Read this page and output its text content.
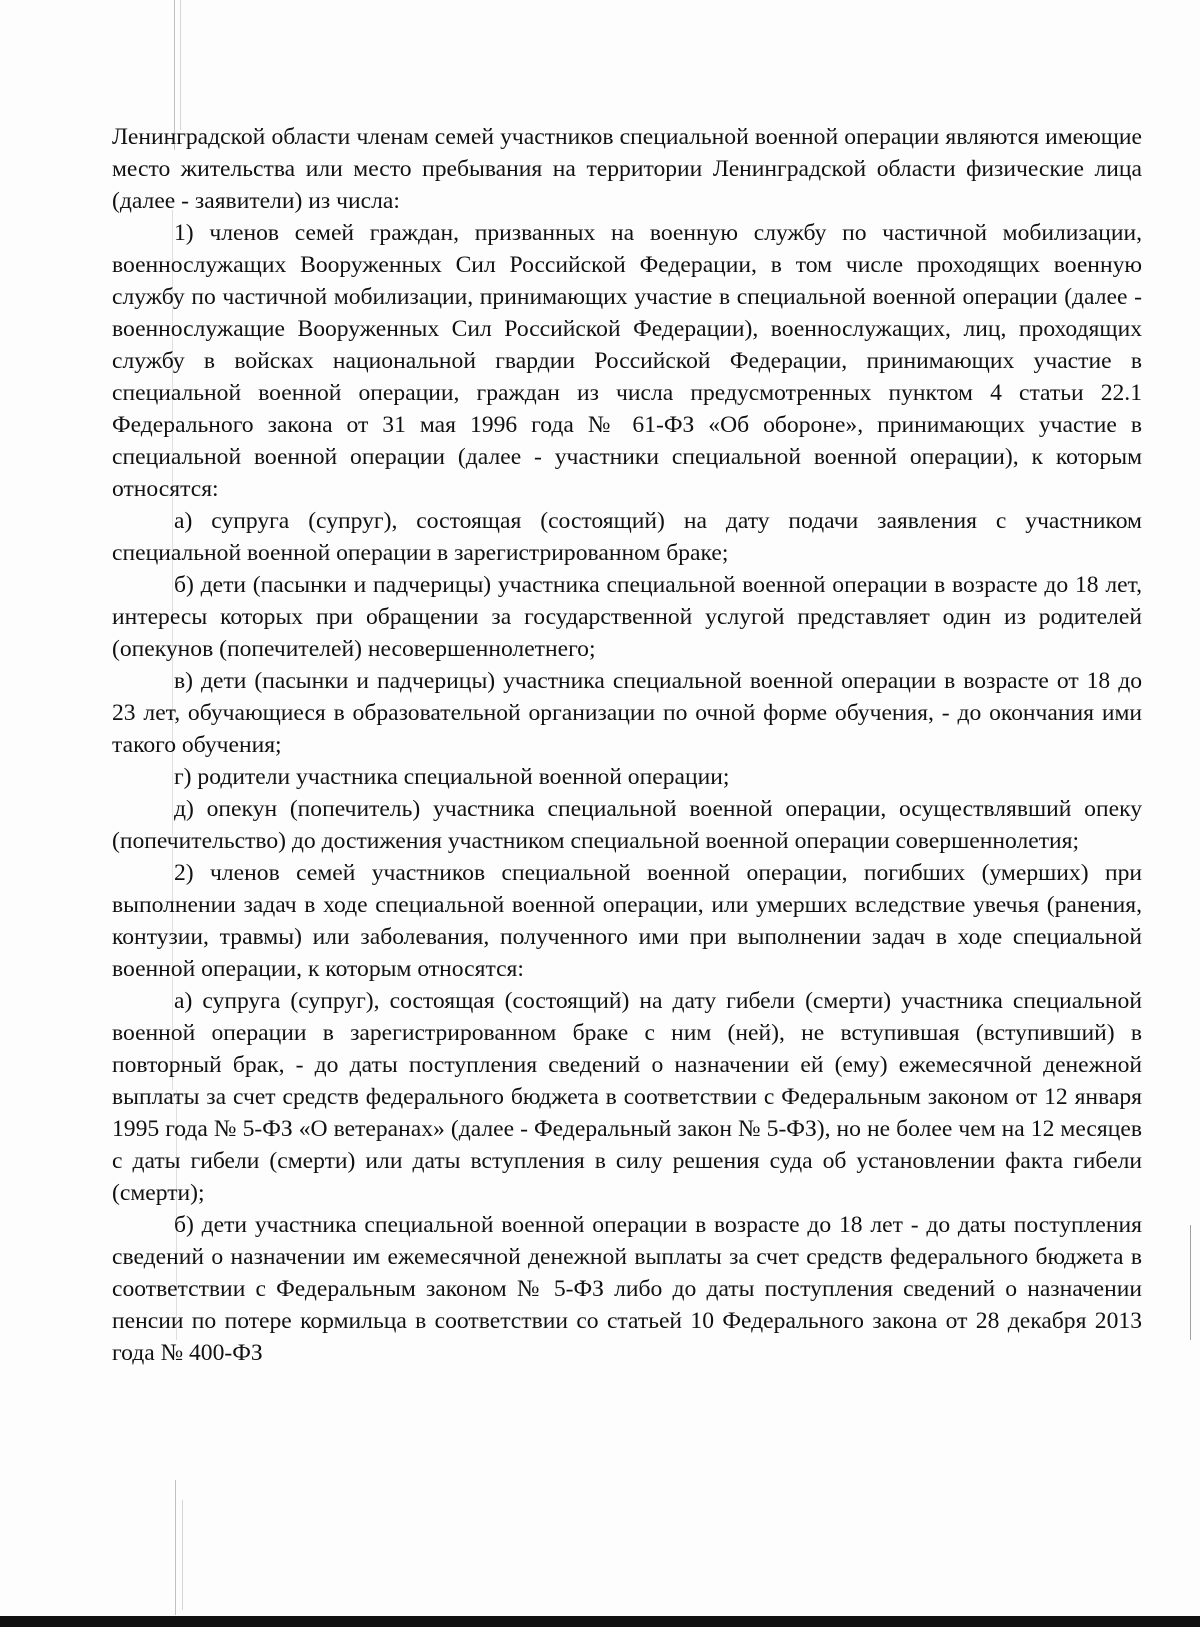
Ленинградской области членам семей участников специальной военной операции являются имеющие место жительства или место пребывания на территории Ленинградской области физические лица (далее - заявители) из числа:

1) членов семей граждан, призванных на военную службу по частичной мобилизации, военнослужащих Вооруженных Сил Российской Федерации, в том числе проходящих военную службу по частичной мобилизации, принимающих участие в специальной военной операции (далее - военнослужащие Вооруженных Сил Российской Федерации), военнослужащих, лиц, проходящих службу в войсках национальной гвардии Российской Федерации, принимающих участие в специальной военной операции, граждан из числа предусмотренных пунктом 4 статьи 22.1 Федерального закона от 31 мая 1996 года № 61-ФЗ «Об обороне», принимающих участие в специальной военной операции (далее - участники специальной военной операции), к которым относятся:

а) супруга (супруг), состоящая (состоящий) на дату подачи заявления с участником специальной военной операции в зарегистрированном браке;

б) дети (пасынки и падчерицы) участника специальной военной операции в возрасте до 18 лет, интересы которых при обращении за государственной услугой представляет один из родителей (опекунов (попечителей) несовершеннолетнего;

в) дети (пасынки и падчерицы) участника специальной военной операции в возрасте от 18 до 23 лет, обучающиеся в образовательной организации по очной форме обучения, - до окончания ими такого обучения;

г) родители участника специальной военной операции;

д) опекун (попечитель) участника специальной военной операции, осуществлявший опеку (попечительство) до достижения участником специальной военной операции совершеннолетия;

2) членов семей участников специальной военной операции, погибших (умерших) при выполнении задач в ходе специальной военной операции, или умерших вследствие увечья (ранения, контузии, травмы) или заболевания, полученного ими при выполнении задач в ходе специальной военной операции, к которым относятся:

а) супруга (супруг), состоящая (состоящий) на дату гибели (смерти) участника специальной военной операции в зарегистрированном браке с ним (ней), не вступившая (вступивший) в повторный брак, - до даты поступления сведений о назначении ей (ему) ежемесячной денежной выплаты за счет средств федерального бюджета в соответствии с Федеральным законом от 12 января 1995 года № 5-ФЗ «О ветеранах» (далее - Федеральный закон № 5-ФЗ), но не более чем на 12 месяцев с даты гибели (смерти) или даты вступления в силу решения суда об установлении факта гибели (смерти);

б) дети участника специальной военной операции в возрасте до 18 лет - до даты поступления сведений о назначении им ежемесячной денежной выплаты за счет средств федерального бюджета в соответствии с Федеральным законом № 5-ФЗ либо до даты поступления сведений о назначении пенсии по потере кормильца в соответствии со статьей 10 Федерального закона от 28 декабря 2013 года № 400-ФЗ
